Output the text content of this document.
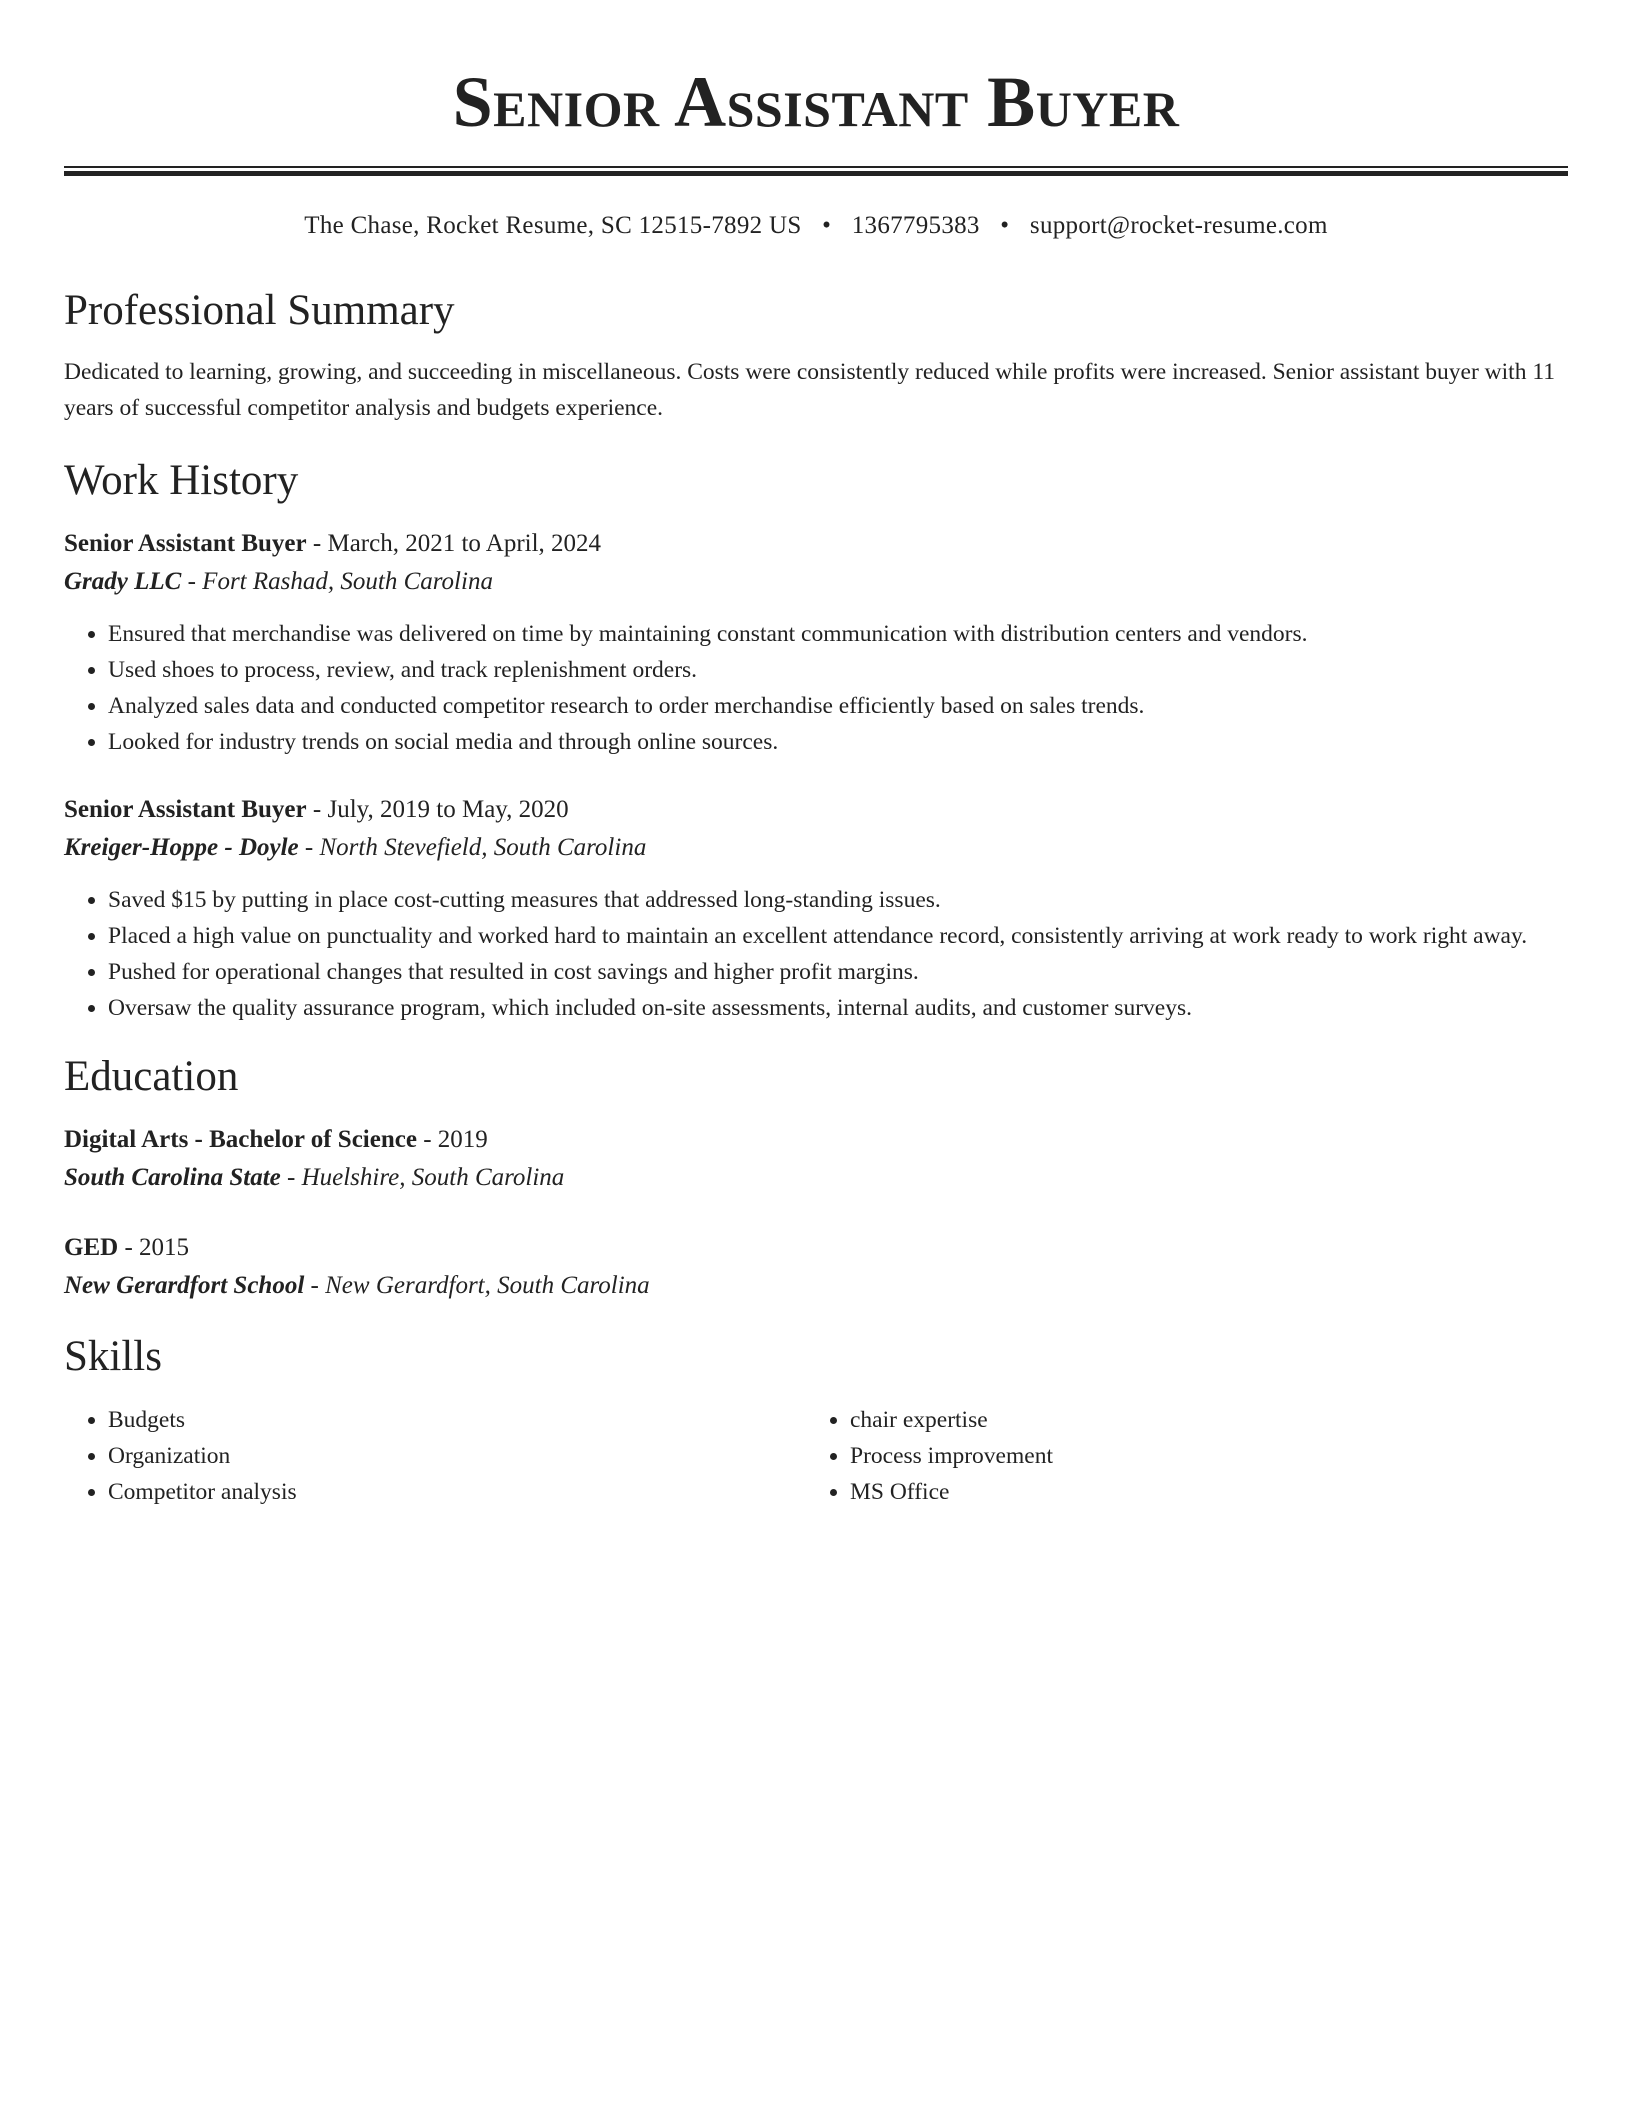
Senior Assistant Buyer
The Chase, Rocket Resume, SC 12515-7892 US • 1367795383 • support@rocket-resume.com
Professional Summary
Dedicated to learning, growing, and succeeding in miscellaneous. Costs were consistently reduced while profits were increased. Senior assistant buyer with 11 years of successful competitor analysis and budgets experience.
Work History
Senior Assistant Buyer - March, 2021 to April, 2024
Grady LLC - Fort Rashad, South Carolina
• Ensured that merchandise was delivered on time by maintaining constant communication with distribution centers and vendors.
• Used shoes to process, review, and track replenishment orders.
• Analyzed sales data and conducted competitor research to order merchandise efficiently based on sales trends.
• Looked for industry trends on social media and through online sources.
Senior Assistant Buyer - July, 2019 to May, 2020
Kreiger-Hoppe - Doyle - North Stevefield, South Carolina
• Saved $15 by putting in place cost-cutting measures that addressed long-standing issues.
• Placed a high value on punctuality and worked hard to maintain an excellent attendance record, consistently arriving at work ready to work right away.
• Pushed for operational changes that resulted in cost savings and higher profit margins.
• Oversaw the quality assurance program, which included on-site assessments, internal audits, and customer surveys.
Education
Digital Arts - Bachelor of Science - 2019
South Carolina State - Huelshire, South Carolina
GED - 2015
New Gerardfort School - New Gerardfort, South Carolina
Skills
• Budgets
• Organization
• Competitor analysis
• chair expertise
• Process improvement
• MS Office
